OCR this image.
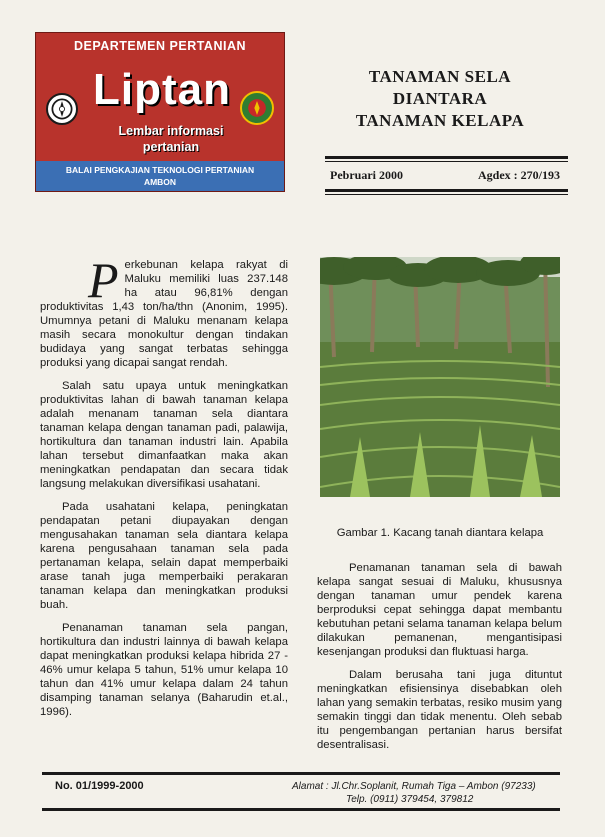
DEPARTEMEN PERTANIAN
Liptan
Lembar informasi
pertanian
BALAI PENGKAJIAN TEKNOLOGI PERTANIAN
AMBON
TANAMAN SELA
DIANTARA
TANAMAN KELAPA
Pebruari 2000	Agdex : 270/193

Perkebunan kelapa rakyat di Maluku memiliki luas 237.148 ha atau 96,81% dengan produktivitas 1,43 ton/ha/thn (Anonim, 1995). Umumnya petani di Maluku menanam kelapa masih secara monokultur dengan tindakan budidaya yang sangat terbatas sehingga produksi yang dicapai sangat rendah.

Salah satu upaya untuk meningkatkan produktivitas lahan di bawah tanaman kelapa adalah menanam tanaman sela diantara tanaman kelapa dengan tanaman padi, palawija, hortikultura dan tanaman industri lain. Apabila lahan tersebut dimanfaatkan maka akan meningkatkan pendapatan dan secara tidak langsung melakukan diversifikasi usahatani.

Pada usahatani kelapa, peningkatan pendapatan petani diupayakan dengan mengusahakan tanaman sela diantara kelapa karena pengusahaan tanaman sela pada pertanaman kelapa, selain dapat memperbaiki arase tanah juga memperbaiki perakaran tanaman kelapa dan meningkatkan produksi buah.

Penanaman tanaman sela pangan, hortikultura dan industri lainnya di bawah kelapa dapat meningkatkan produksi kelapa hibrida 27 - 46% umur kelapa 5 tahun, 51% umur kelapa 10 tahun dan 41% umur kelapa dalam 24 tahun disamping tanaman selanya (Baharudin et.al., 1996).

Gambar 1. Kacang tanah diantara kelapa

Penamanan tanaman sela di bawah kelapa sangat sesuai di Maluku, khususnya dengan tanaman umur pendek karena berproduksi cepat sehingga dapat membantu kebutuhan petani selama tanaman kelapa belum dilakukan pemanenan, mengantisipasi kesenjangan produksi dan fluktuasi harga.

Dalam berusaha tani juga dituntut meningkatkan efisiensinya disebabkan oleh lahan yang semakin terbatas, resiko musim yang semakin tinggi dan tidak menentu. Oleh sebab itu pengembangan pertanian harus bersifat desentralisasi.

No. 01/1999-2000	Alamat : Jl.Chr.Soplanit, Rumah Tiga – Ambon (97233)
Telp. (0911) 379454, 379812
